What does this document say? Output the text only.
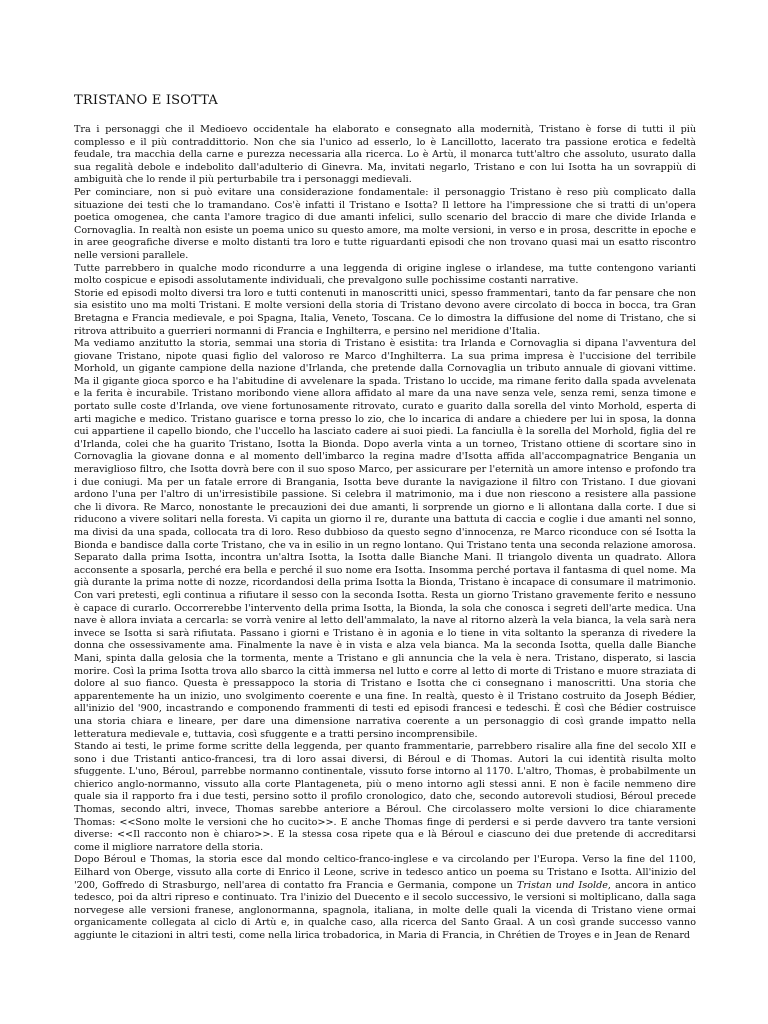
TRISTANO E ISOTTA

Tra i personaggi che il Medioevo occidentale ha elaborato e consegnato alla modernità, Tristano è forse di tutti il più complesso e il più contraddittorio. Non che sia l'unico ad esserlo, lo è Lancillotto, lacerato tra passione erotica e fedeltà feudale, tra macchia della carne e purezza necessaria alla ricerca. Lo è Artù, il monarca tutt'altro che assoluto, usurato dalla sua regalità debole e indebolito dall'adulterio di Ginevra. Ma, invitati negarlo, Tristano e con lui Isotta ha un sovrappiù di ambiguità che lo rende il più perturbabile tra i personaggi medievali.

Per cominciare, non si può evitare una considerazione fondamentale: il personaggio Tristano è reso più complicato dalla situazione dei testi che lo tramandano. Cos'è infatti il Tristano e Isotta? Il lettore ha l'impressione che si tratti di un'opera poetica omogenea, che canta l'amore tragico di due amanti infelici, sullo scenario del braccio di mare che divide Irlanda e Cornovaglia. In realtà non esiste un poema unico su questo amore, ma molte versioni, in verso e in prosa, descritte in epoche e in aree geografiche diverse e molto distanti tra loro e tutte riguardanti episodi che non trovano quasi mai un esatto riscontro nelle versioni parallele.

Tutte parrebbero in qualche modo ricondurre a una leggenda di origine inglese o irlandese, ma tutte contengono varianti molto cospicue e episodi assolutamente individuali, che prevalgono sulle pochissime costanti narrative.

Storie ed episodi molto diversi tra loro e tutti contenuti in manoscritti unici, spesso frammentari, tanto da far pensare che non sia esistito uno ma molti Tristani. E molte versioni della storia di Tristano devono avere circolato di bocca in bocca, tra Gran Bretagna e Francia medievale, e poi Spagna, Italia, Veneto, Toscana. Ce lo dimostra la diffusione del nome di Tristano, che si ritrova attribuito a guerrieri normanni di Francia e Inghilterra, e persino nel meridione d'Italia.

Ma vediamo anzitutto la storia, semmai una storia di Tristano è esistita: tra Irlanda e Cornovaglia si dipana l'avventura del giovane Tristano, nipote quasi figlio del valoroso re Marco d'Inghilterra. La sua prima impresa è l'uccisione del terribile Morhold, un gigante campione della nazione d'Irlanda, che pretende dalla Cornovaglia un tributo annuale di giovani vittime. Ma il gigante gioca sporco e ha l'abitudine di avvelenare la spada. Tristano lo uccide, ma rimane ferito dalla spada avvelenata e la ferita è incurabile. Tristano moribondo viene allora affidato al mare da una nave senza vele, senza remi, senza timone e portato sulle coste d'Irlanda, ove viene fortunosamente ritrovato, curato e guarito dalla sorella del vinto Morhold, esperta di arti magiche e medico. Tristano guarisce e torna presso lo zio, che lo incarica di andare a chiedere per lui in sposa, la donna cui appartiene il capello biondo, che l'uccello ha lasciato cadere ai suoi piedi. La fanciulla è la sorella del Morhold, figlia del re d'Irlanda, colei che ha guarito Tristano, Isotta la Bionda. Dopo averla vinta a un torneo, Tristano ottiene di scortare sino in Cornovaglia la giovane donna e al momento dell'imbarco la regina madre d'Isotta affida all'accompagnatrice Bengania un meraviglioso filtro, che Isotta dovrà bere con il suo sposo Marco, per assicurare per l'eternità un amore intenso e profondo tra i due coniugi. Ma per un fatale errore di Brangania, Isotta beve durante la navigazione il filtro con Tristano. I due giovani ardono l'una per l'altro di un'irresistibile passione. Si celebra il matrimonio, ma i due non riescono a resistere alla passione che li divora. Re Marco, nonostante le precauzioni dei due amanti, li sorprende un giorno e li allontana dalla corte. I due si riducono a vivere solitari nella foresta. Vi capita un giorno il re, durante una battuta di caccia e coglie i due amanti nel sonno, ma divisi da una spada, collocata tra di loro. Reso dubbioso da questo segno d'innocenza, re Marco riconduce con sé Isotta la Bionda e bandisce dalla corte Tristano, che va in esilio in un regno lontano. Qui Tristano tenta una seconda relazione amorosa. Separato dalla prima Isotta, incontra un'altra Isotta, la Isotta dalle Bianche Mani. Il triangolo diventa un quadrato. Allora acconsente a sposarla, perché era bella e perché il suo nome era Isotta. Insomma perché portava il fantasma di quel nome. Ma già durante la prima notte di nozze, ricordandosi della prima Isotta la Bionda, Tristano è incapace di consumare il matrimonio. Con vari pretesti, egli continua a rifiutare il sesso con la seconda Isotta. Resta un giorno Tristano gravemente ferito e nessuno è capace di curarlo. Occorrerebbe l'intervento della prima Isotta, la Bionda, la sola che conosca i segreti dell'arte medica. Una nave è allora inviata a cercarla: se vorrà venire al letto dell'ammalato, la nave al ritorno alzerà la vela bianca, la vela sarà nera invece se Isotta si sarà rifiutata. Passano i giorni e Tristano è in agonia e lo tiene in vita soltanto la speranza di rivedere la donna che ossessivamente ama. Finalmente la nave è in vista e alza vela bianca. Ma la seconda Isotta, quella dalle Bianche Mani, spinta dalla gelosia che la tormenta, mente a Tristano e gli annuncia che la vela è nera. Tristano, disperato, si lascia morire. Così la prima Isotta trova allo sbarco la città immersa nel lutto e corre al letto di morte di Tristano e muore straziata di dolore al suo fianco. Questa è pressappoco la storia di Tristano e Isotta che ci consegnano i manoscritti. Una storia che apparentemente ha un inizio, uno svolgimento coerente e una fine. In realtà, questo è il Tristano costruito da Joseph Bédier, all'inizio del '900, incastrando e componendo frammenti di testi ed episodi francesi e tedeschi. È così che Bédier costruisce una storia chiara e lineare, per dare una dimensione narrativa coerente a un personaggio di così grande impatto nella letteratura medievale e, tuttavia, così sfuggente e a tratti persino incomprensibile.

Stando ai testi, le prime forme scritte della leggenda, per quanto frammentarie, parrebbero risalire alla fine del secolo XII e sono i due Tristanti antico-francesi, tra di loro assai diversi, di Béroul e di Thomas. Autori la cui identità risulta molto sfuggente. L'uno, Béroul, parrebbe normanno continentale, vissuto forse intorno al 1170. L'altro, Thomas, è probabilmente un chierico anglo-normanno, vissuto alla corte Plantageneta, più o meno intorno agli stessi anni. E non è facile nemmeno dire quale sia il rapporto fra i due testi, persino sotto il profilo cronologico, dato che, secondo autorevoli studiosi, Béroul precede Thomas, secondo altri, invece, Thomas sarebbe anteriore a Béroul. Che circolassero molte versioni lo dice chiaramente Thomas: <<Sono molte le versioni che ho cucito>>. E anche Thomas finge di perdersi e si perde davvero tra tante versioni diverse: <<Il racconto non è chiaro>>. E la stessa cosa ripete qua e là Béroul e ciascuno dei due pretende di accreditarsi come il migliore narratore della storia.

Dopo Béroul e Thomas, la storia esce dal mondo celtico-franco-inglese e va circolando per l'Europa. Verso la fine del 1100, Eilhard von Oberge, vissuto alla corte di Enrico il Leone, scrive in tedesco antico un poema su Tristano e Isotta. All'inizio del '200, Goffredo di Strasburgo, nell'area di contatto fra Francia e Germania, compone un Tristan und Isolde, ancora in antico tedesco, poi da altri ripreso e continuato. Tra l'inizio del Duecento e il secolo successivo, le versioni si moltiplicano, dalla saga norvegese alle versioni franese, anglonormanna, spagnola, italiana, in molte delle quali la vicenda di Tristano viene ormai organicamente collegata al ciclo di Artù e, in qualche caso, alla ricerca del Santo Graal. A un così grande successo vanno aggiunte le citazioni in altri testi, come nella lirica trobadorica, in Maria di Francia, in Chrétien de Troyes e in Jean de Renard
